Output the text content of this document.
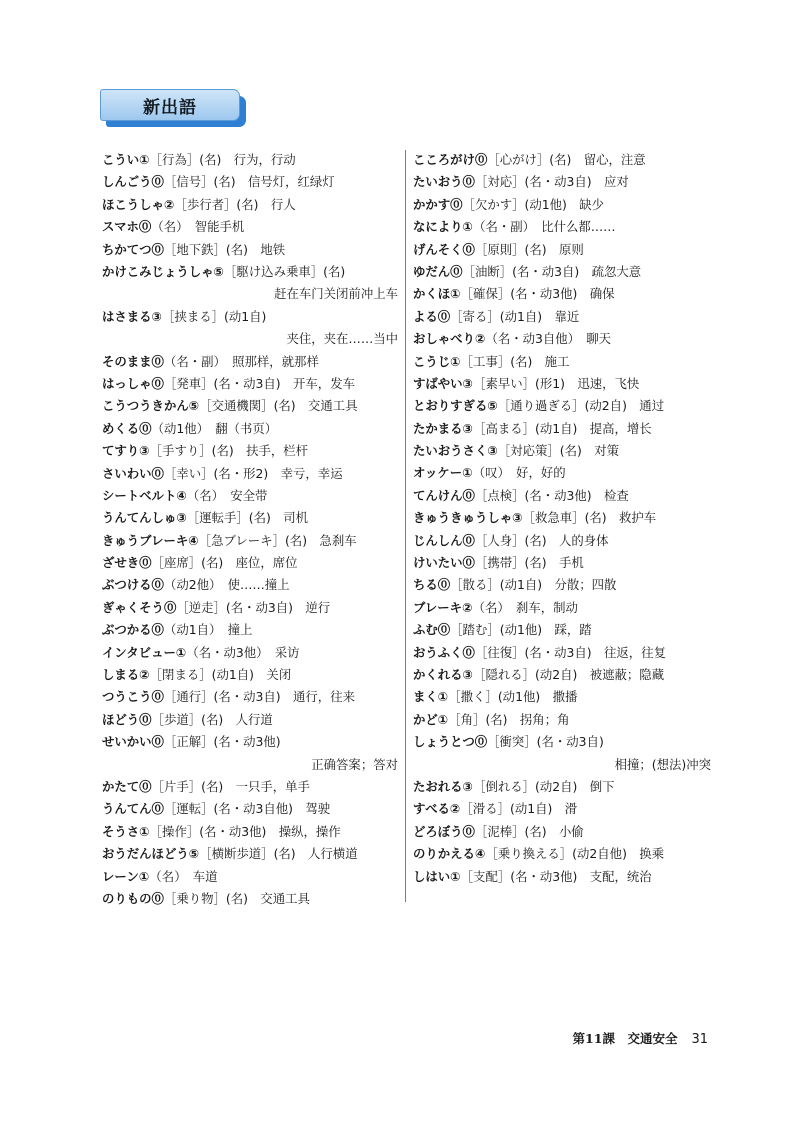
新出語
こうい①［行為］(名)　行为，行动
しんごう⓪［信号］(名)　信号灯，红绿灯
ほこうしゃ②［歩行者］(名)　行人
スマホ⓪（名）　智能手机
ちかてつ⓪［地下鉄］(名)　地铁
かけこみじょうしゃ⑤［駆け込み乗車］(名)
赶在车门关闭前冲上车
はさまる③［挟まる］(动1自)
夹住，夹在……当中
そのまま⓪（名・副）　照那样，就那样
はっしゃ⓪［発車］(名・动3自)　开车，发车
こうつうきかん⑤［交通機関］(名)　交通工具
めくる⓪（动1他）　翻（书页）
てすり③［手すり］(名)　扶手，栏杆
さいわい⓪［幸い］(名・形2)　幸亏，幸运
シートベルト④（名）　安全带
うんてんしゅ③［運転手］(名)　司机
きゅうブレーキ④［急ブレーキ］(名)　急刹车
ざせき⓪［座席］(名)　座位，席位
ぶつける⓪（动2他）　使……撞上
ぎゃくそう⓪［逆走］(名・动3自)　逆行
ぶつかる⓪（动1自）　撞上
インタビュー①（名・动3他）　采访
しまる②［閉まる］(动1自)　关闭
つうこう⓪［通行］(名・动3自)　通行，往来
ほどう⓪［歩道］(名)　人行道
せいかい⓪［正解］(名・动3他)
正确答案；答对
かたて⓪［片手］(名)　一只手，单手
うんてん⓪［運転］(名・动3自他)　驾驶
そうさ①［操作］(名・动3他)　操纵，操作
おうだんほどう⑤［横断歩道］(名)　人行横道
レーン①（名）　车道
のりもの⓪［乗り物］(名)　交通工具
こころがけ⓪［心がけ］(名)　留心，注意
たいおう⓪［対応］(名・动3自)　应对
かかす⓪［欠かす］(动1他)　缺少
なにより①（名・副）　比什么都……
げんそく⓪［原則］(名)　原则
ゆだん⓪［油断］(名・动3自)　疏忽大意
かくほ①［確保］(名・动3他)　确保
よる⓪［寄る］(动1自)　靠近
おしゃべり②（名・动3自他）　聊天
こうじ①［工事］(名)　施工
すばやい③［素早い］(形1)　迅速，飞快
とおりすぎる⑤［通り過ぎる］(动2自)　通过
たかまる③［高まる］(动1自)　提高，增长
たいおうさく③［対応策］(名)　对策
オッケー①（叹）　好，好的
てんけん⓪［点検］(名・动3他)　检查
きゅうきゅうしゃ③［救急車］(名)　救护车
じんしん⓪［人身］(名)　人的身体
けいたい⓪［携帯］(名)　手机
ちる⓪［散る］(动1自)　分散；四散
ブレーキ②（名）　刹车，制动
ふむ⓪［踏む］(动1他)　踩，踏
おうふく⓪［往復］(名・动3自)　往返，往复
かくれる③［隠れる］(动2自)　被遮蔽；隐藏
まく①［撒く］(动1他)　撒播
かど①［角］(名)　拐角；角
しょうとつ⓪［衝突］(名・动3自)
相撞；(想法)冲突
たおれる③［倒れる］(动2自)　倒下
すべる②［滑る］(动1自)　滑
どろぼう⓪［泥棒］(名)　小偷
のりかえる④［乗り換える］(动2自他)　换乘
しはい①［支配］(名・动3他)　支配，统治
第11課　交通安全 31
